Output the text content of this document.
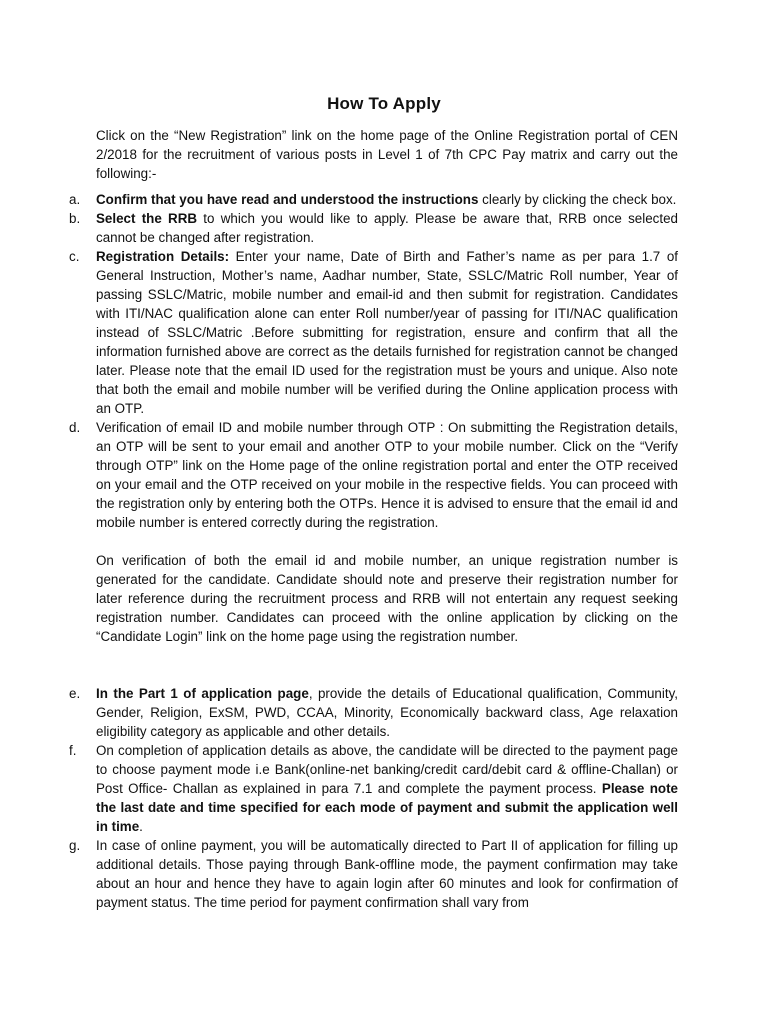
How To Apply
Click on the “New Registration” link on the home page of the Online Registration portal of CEN 2/2018 for the recruitment of various posts in Level 1 of 7th CPC Pay matrix and carry out the following:-
a.	Confirm that you have read and understood the instructions clearly by clicking the check box.
b.	Select the RRB to which you would like to apply. Please be aware that, RRB once selected cannot be changed after registration.
c.	Registration Details: Enter your name, Date of Birth and Father’s name as per para 1.7 of General Instruction, Mother’s name, Aadhar number, State, SSLC/Matric Roll number, Year of passing SSLC/Matric, mobile number and email-id and then submit for registration. Candidates with ITI/NAC qualification alone can enter Roll number/year of passing for ITI/NAC qualification instead of SSLC/Matric .Before submitting for registration, ensure and confirm that all the information furnished above are correct as the details furnished for registration cannot be changed later. Please note that the email ID used for the registration must be yours and unique. Also note that both the email and mobile number will be verified during the Online application process with an OTP.
d.	Verification of email ID and mobile number through OTP : On submitting the Registration details, an OTP will be sent to your email and another OTP to your mobile number. Click on the “Verify through OTP” link on the Home page of the online registration portal and enter the OTP received on your email and the OTP received on your mobile in the respective fields. You can proceed with the registration only by entering both the OTPs. Hence it is advised to ensure that the email id and mobile number is entered correctly during the registration.

On verification of both the email id and mobile number, an unique registration number is generated for the candidate. Candidate should note and preserve their registration number for later reference during the recruitment process and RRB will not entertain any request seeking registration number. Candidates can proceed with the online application by clicking on the “Candidate Login” link on the home page using the registration number.

e.	In the Part 1 of application page, provide the details of Educational qualification, Community, Gender, Religion, ExSM, PWD, CCAA, Minority, Economically backward class, Age relaxation eligibility category as applicable and other details.
f.	On completion of application details as above, the candidate will be directed to the payment page to choose payment mode i.e Bank(online-net banking/credit card/debit card & offline-Challan) or Post Office- Challan as explained in para 7.1 and complete the payment process. Please note the last date and time specified for each mode of payment and submit the application well in time.
g.	In case of online payment, you will be automatically directed to Part II of application for filling up additional details. Those paying through Bank-offline mode, the payment confirmation may take about an hour and hence they have to again login after 60 minutes and look for confirmation of payment status. The time period for payment confirmation shall vary from
